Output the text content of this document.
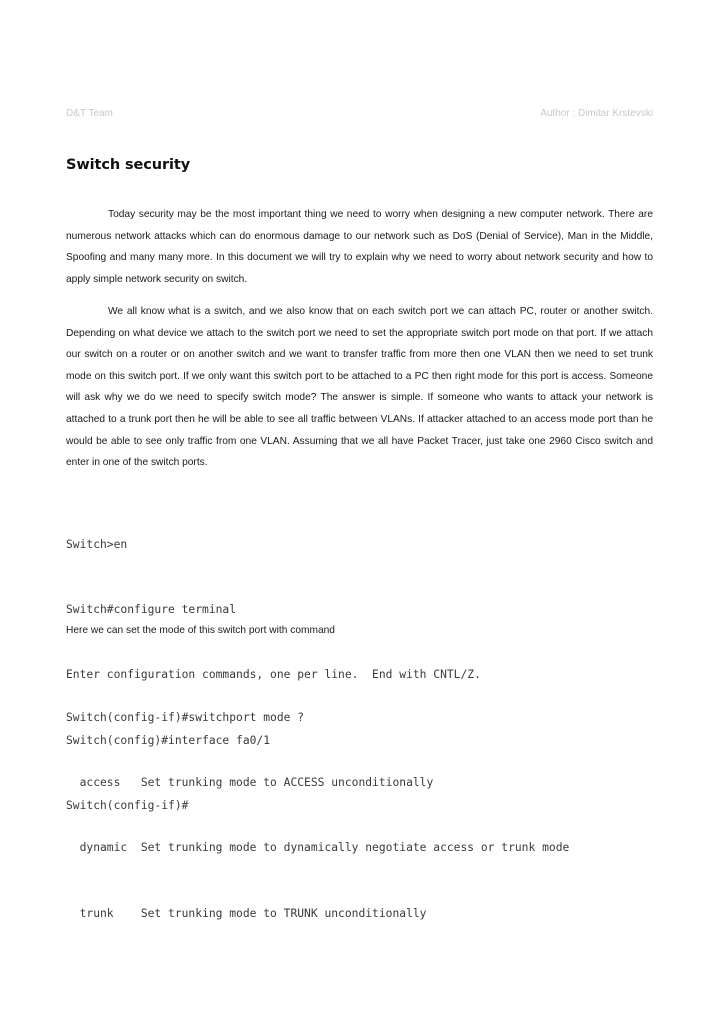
D&T Team	Author : Dimitar Krstevski
Switch security

Today security may be the most important thing we need to worry when designing a new computer network. There are numerous network attacks which can do enormous damage to our network such as DoS (Denial of Service), Man in the Middle, Spoofing and many many more. In this document we will try to explain why we need to worry about network security and how to apply simple network security on switch.

We all know what is a switch, and we also know that on each switch port we can attach PC, router or another switch. Depending on what device we attach to the switch port we need to set the appropriate switch port mode on that port. If we attach our switch on a router or on another switch and we want to transfer traffic from more then one VLAN then we need to set trunk mode on this switch port. If we only want this switch port to be attached to a PC then right mode for this port is access. Someone will ask why we do we need to specify switch mode? The answer is simple. If someone who wants to attack your network is attached to a trunk port then he will be able to see all traffic between VLANs. If attacker attached to an access mode port than he would be able to see only traffic from one VLAN. Assuming that we all have Packet Tracer, just take one 2960 Cisco switch and enter in one of the switch ports.

Switch>en

Switch#configure terminal

Enter configuration commands, one per line.  End with CNTL/Z.

Switch(config)#interface fa0/1

Switch(config-if)#

Here we can set the mode of this switch port with command

Switch(config-if)#switchport mode ?

access   Set trunking mode to ACCESS unconditionally

dynamic  Set trunking mode to dynamically negotiate access or trunk mode

trunk    Set trunking mode to TRUNK unconditionally
